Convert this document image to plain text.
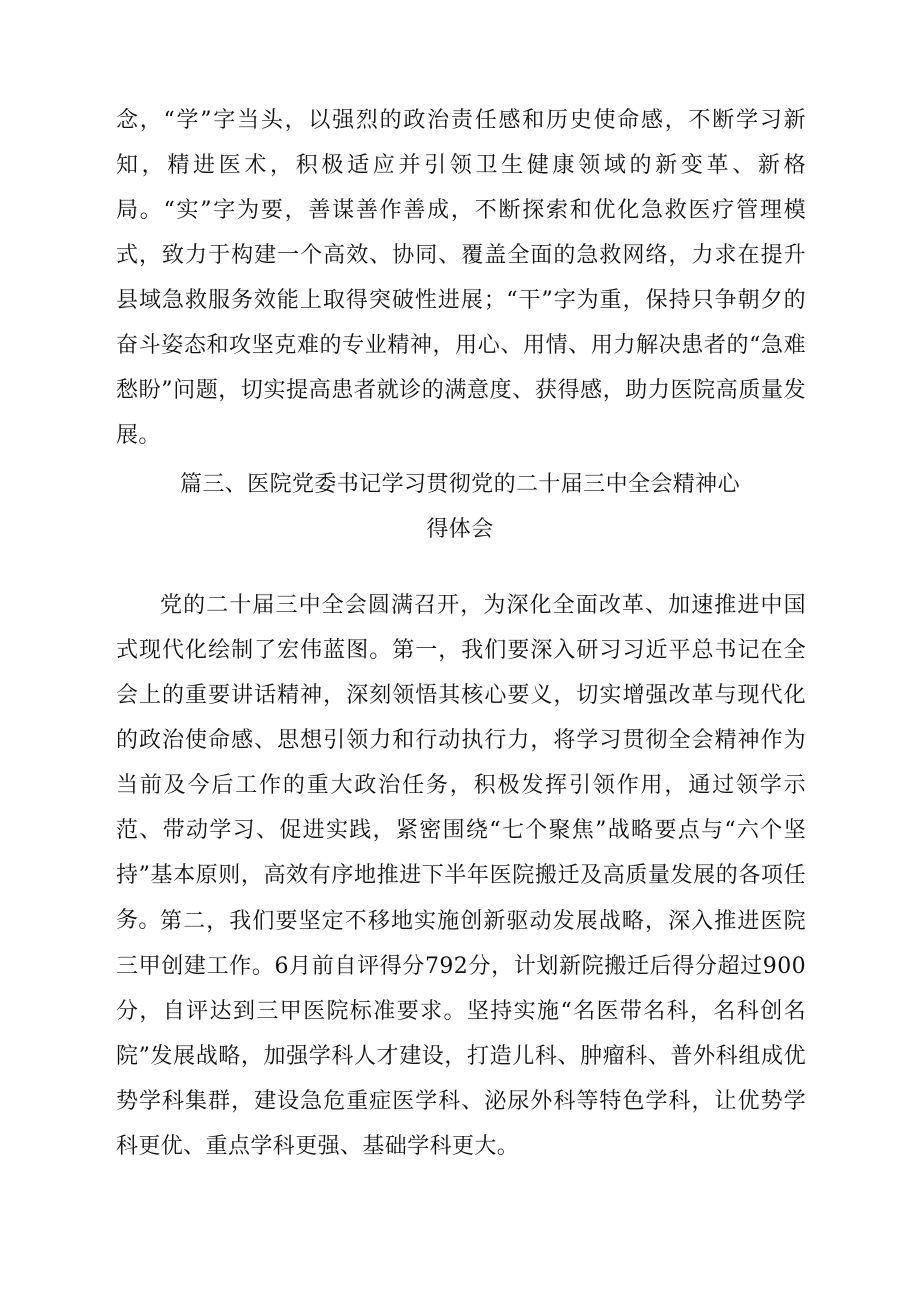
念，“学”字当头，以强烈的政治责任感和历史使命感，不断学习新知，精进医术，积极适应并引领卫生健康领域的新变革、新格局。“实”字为要，善谋善作善成，不断探索和优化急救医疗管理模式，致力于构建一个高效、协同、覆盖全面的急救网络，力求在提升县域急救服务效能上取得突破性进展；“干”字为重，保持只争朝夕的奋斗姿态和攻坚克难的专业精神，用心、用情、用力解决患者的“急难愁盼”问题，切实提高患者就诊的满意度、获得感，助力医院高质量发展。

篇三、医院党委书记学习贯彻党的二十届三中全会精神心
得体会

党的二十届三中全会圆满召开，为深化全面改革、加速推进中国式现代化绘制了宏伟蓝图。第一，我们要深入研习习近平总书记在全会上的重要讲话精神，深刻领悟其核心要义，切实增强改革与现代化的政治使命感、思想引领力和行动执行力，将学习贯彻全会精神作为当前及今后工作的重大政治任务，积极发挥引领作用，通过领学示范、带动学习、促进实践，紧密围绕“七个聚焦”战略要点与“六个坚持”基本原则，高效有序地推进下半年医院搬迁及高质量发展的各项任务。 第二，我们要坚定不移地实施创新驱动发展战略，深入推进医院三甲创建工作。6月前自评得分792分，计划新院搬迁后得分超过900分，自评达到三甲医院标准要求。坚持实施“名医带名科，名科创名院”发展战略，加强学科人才建设，打造儿科、肿瘤科、普外科组成优势学科集群，建设急危重症医学科、泌尿外科等特色学科，让优势学科更优、重点学科更强、基础学科更大。
